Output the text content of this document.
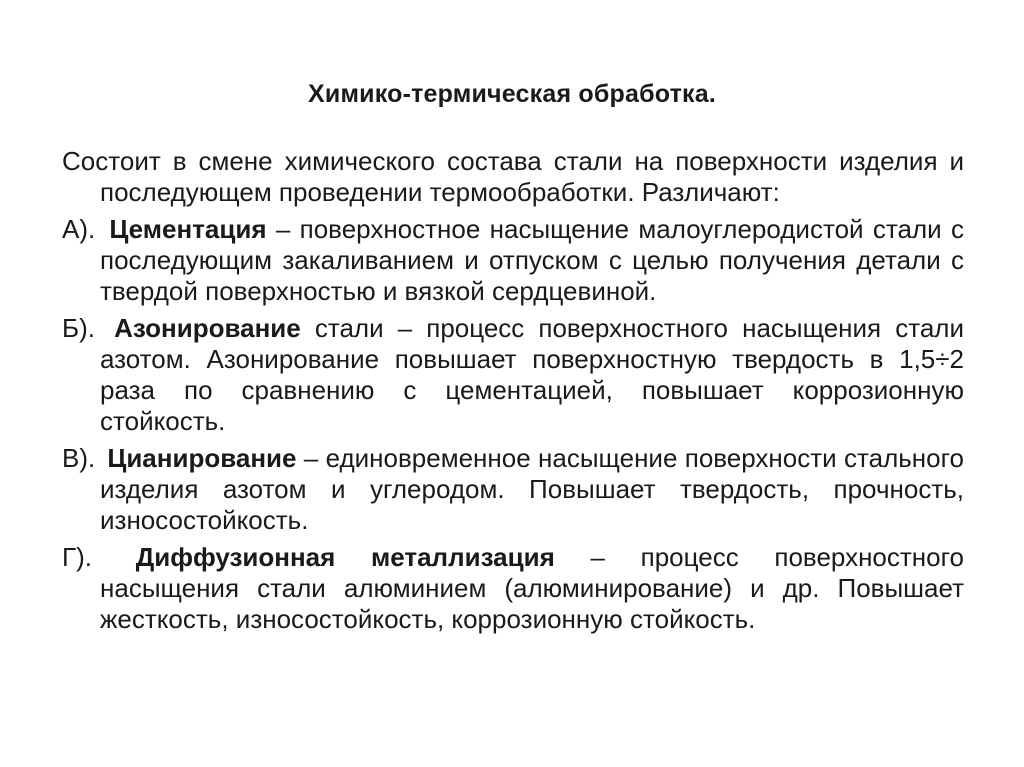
Химико-термическая обработка.
Состоит в смене химического состава стали на поверхности изделия и последующем проведении термообработки. Различают:
А). Цементация – поверхностное насыщение малоуглеродистой стали с последующим закаливанием и отпуском с целью получения детали с твердой поверхностью и вязкой сердцевиной.
Б). Азонирование стали – процесс поверхностного насыщения стали азотом. Азонирование повышает поверхностную твердость в 1,5÷2 раза по сравнению с цементацией, повышает коррозионную стойкость.
В). Цианирование – единовременное насыщение поверхности стального изделия азотом и углеродом. Повышает твердость, прочность, износостойкость.
Г). Диффузионная металлизация – процесс поверхностного насыщения стали алюминием (алюминирование) и др. Повышает жесткость, износостойкость, коррозионную стойкость.
